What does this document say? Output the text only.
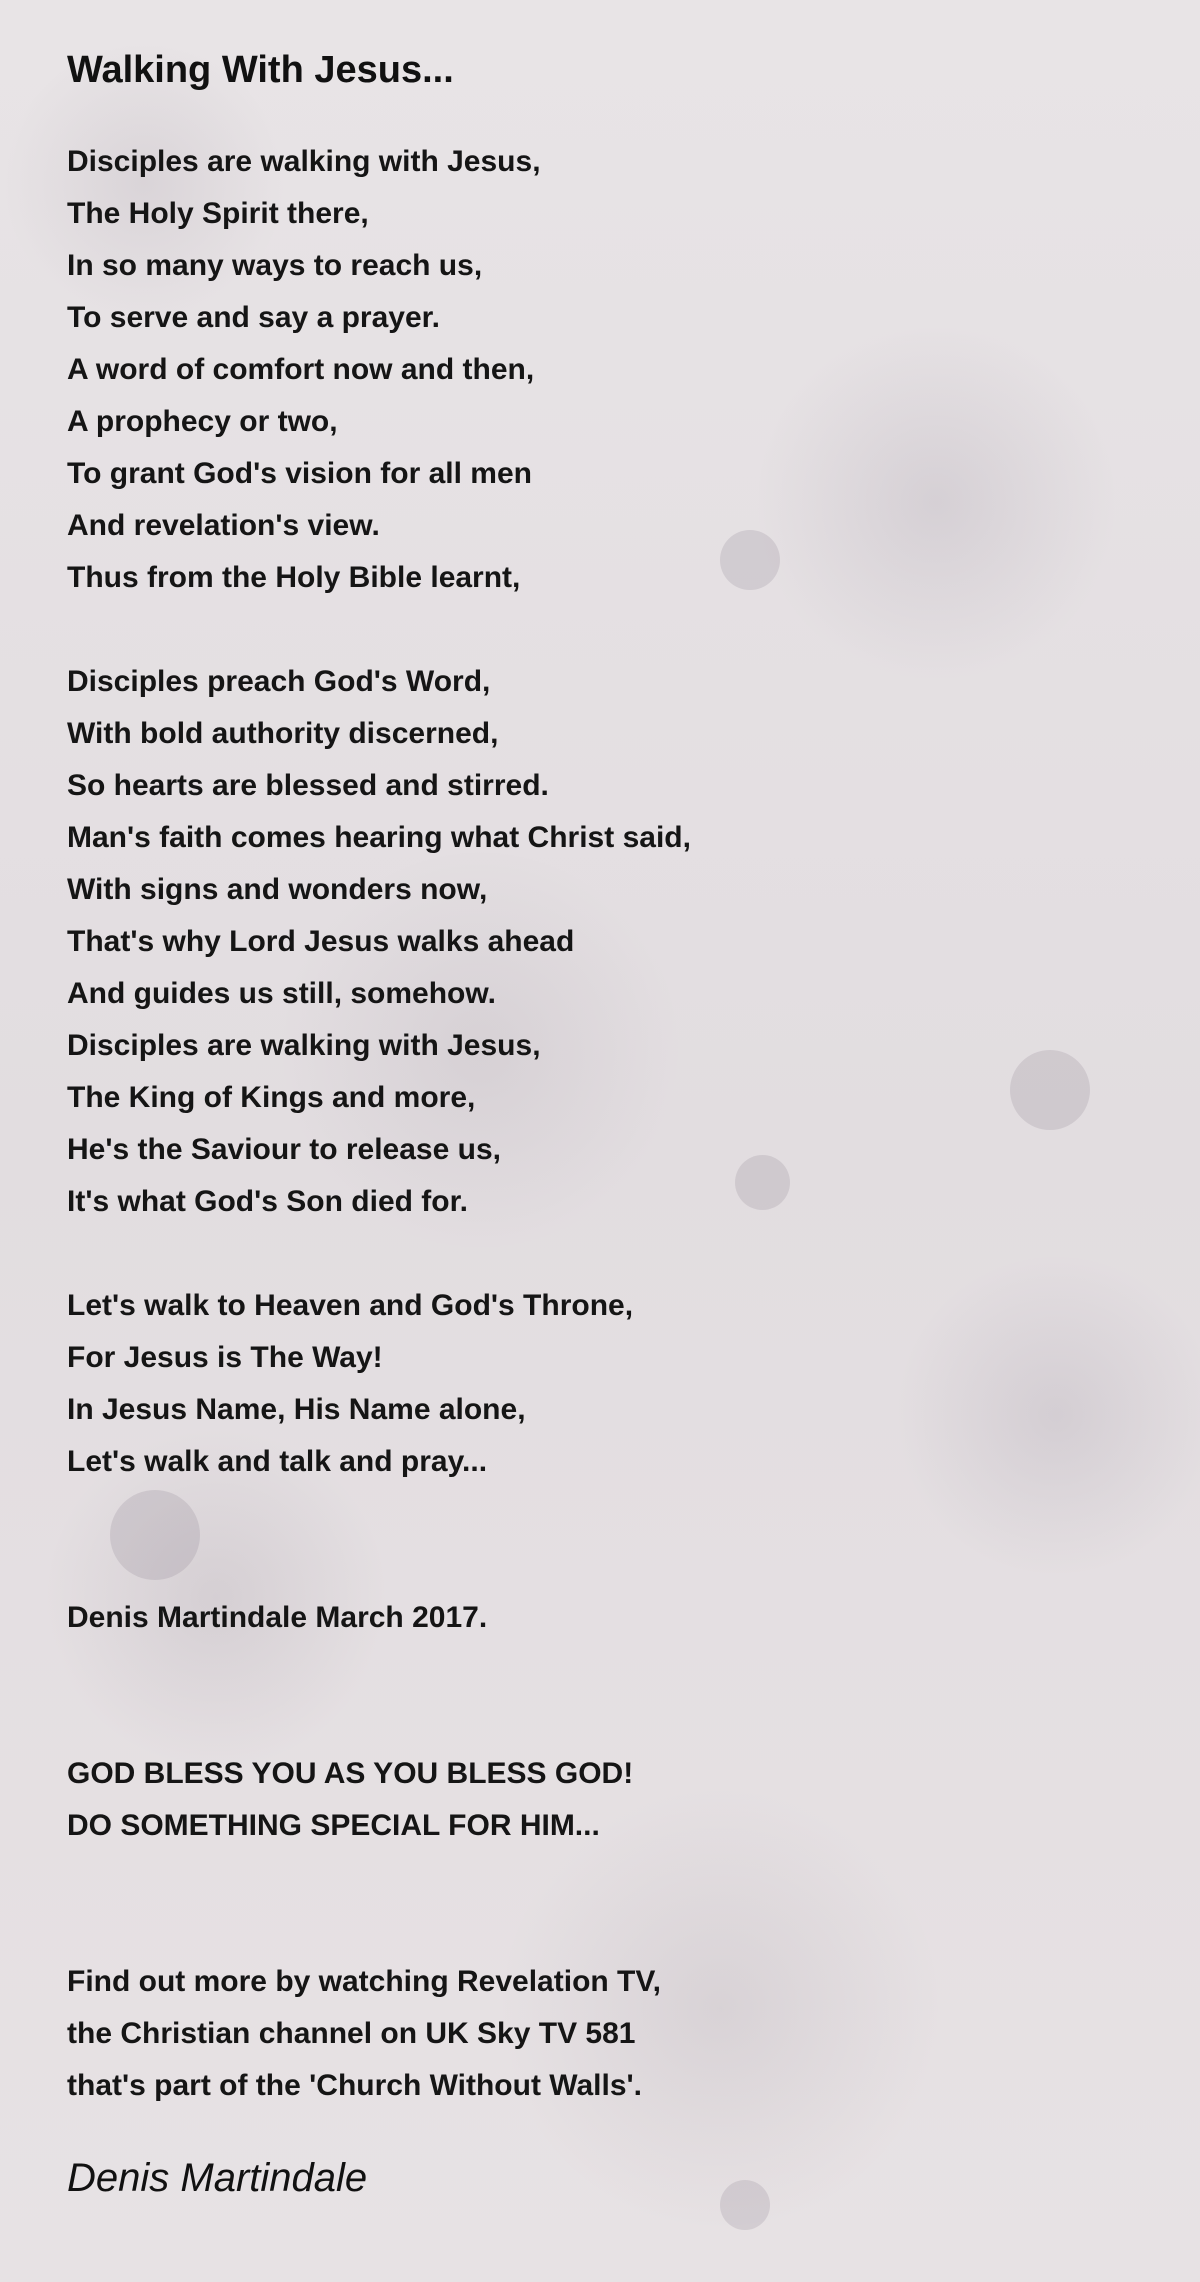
Walking With Jesus...
Disciples are walking with Jesus,
The Holy Spirit there,
In so many ways to reach us,
To serve and say a prayer.
A word of comfort now and then,
A prophecy or two,
To grant God's vision for all men
And revelation's view.
Thus from the Holy Bible learnt,
Disciples preach God's Word,
With bold authority discerned,
So hearts are blessed and stirred.
Man's faith comes hearing what Christ said,
With signs and wonders now,
That's why Lord Jesus walks ahead
And guides us still, somehow.
Disciples are walking with Jesus,
The King of Kings and more,
He's the Saviour to release us,
It's what God's Son died for.
Let's walk to Heaven and God's Throne,
For Jesus is The Way!
In Jesus Name, His Name alone,
Let's walk and talk and pray...
Denis Martindale March 2017.
GOD BLESS YOU AS YOU BLESS GOD!
DO SOMETHING SPECIAL FOR HIM...
Find out more by watching Revelation TV,
the Christian channel on UK Sky TV 581
that's part of the 'Church Without Walls'.
Denis Martindale
